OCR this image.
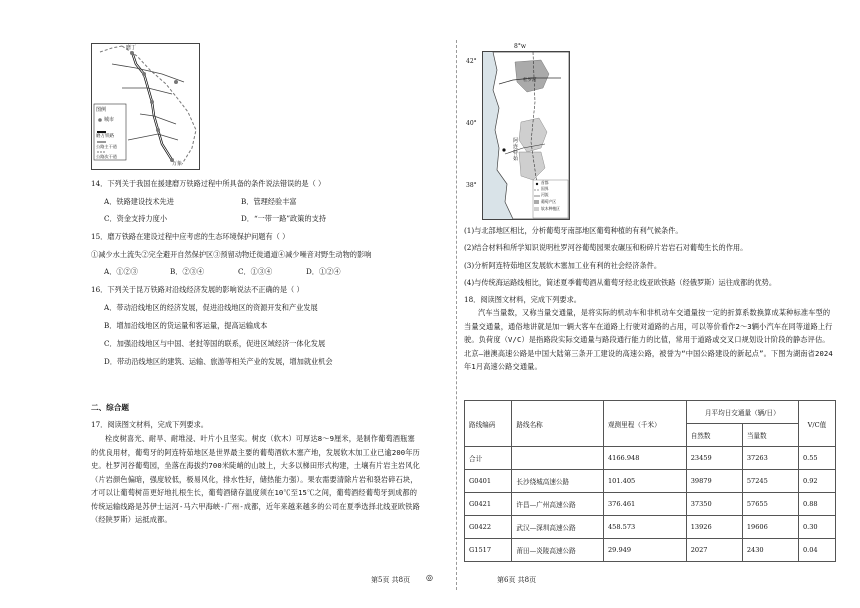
图例
城市
磨万铁路
公路主干道
公路次干道
磨丁
万象
14．下列关于我国在援建磨万铁路过程中所具备的条件说法错误的是（ ）
A．铁路建设技术先进	B．管理经验丰富
C．资金支持力度小	D．“一带一路”政策的支持
15．磨万铁路在建设过程中应考虑的生态环境保护问题有（ ）
①减少水土流失②完全避开自然保护区③预留动物迁徙通道④减少噪音对野生动物的影响
A．①②③	B．②③④	C．①③④	D．①②④
16．下列关于昆万铁路对沿线经济发展的影响说法不正确的是（ ）
A．带动沿线地区的经济发展，促进沿线地区的资源开发和产业发展
B．增加沿线地区的货运量和客运量，提高运输成本
C．加强沿线地区与中国、老挝等国的联系，促进区域经济一体化发展
D．带动沿线地区的建筑、运输、旅游等相关产业的发展，增加就业机会
二、综合题
17．阅读图文材料，完成下列要求。
栓皮树喜光、耐旱、耐堆浸、叶片小且坚实。树皮（软木）可厚达8～9厘米，是制作葡萄酒瓶塞的优良用材，葡萄牙的阿连特茹地区是世界最主要的葡萄酒软木塞产地，发展软木加工业已逾200年历史。杜罗河谷葡萄园，坐落在海拔约700米陡峭的山坡上，大多以梯田形式构建，土壤有片岩主岩风化（片岩颜色偏暗，强度较低，极易风化，排水性好，储热能力强）。果农需要清除片岩和裂岩碎石块，才可以让葡萄树苗更好地扎根生长，葡萄酒储存温度须在10℃至15℃之间，葡萄酒经葡萄牙到成都的传统运输线路是苏伊士运河-马六甲海峡-广州-成都，近年来越来越多的公司在夏季选择北线亚欧铁路（经陕罗斯）运抵成都。
第5页 共8页 ◎
杜罗河
阿连特茹
首都
国界
河流
葡萄产区
软木种植区
8°w
42°
40°
38°
(1)与北部地区相比，分析葡萄牙南部地区葡萄种植的有利气候条件。
(2)结合材料和所学知识说明杜罗河谷葡萄园果农碾压和粉碎片岩岩石对葡萄生长的作用。
(3)分析阿连特茹地区发展软木塞加工业有利的社会经济条件。
(4)与传统海运路线相比，简述夏季葡萄酒从葡萄牙经北线亚欧铁路（经俄罗斯）运往成都的优势。
18．阅读图文材料，完成下列要求。
汽车当量数，又称当量交通量，是将实际的机动车和非机动车交通量按一定的折算系数换算成某种标准车型的当量交通量，通俗地讲就是加一辆大客车在道路上行驶对道路的占用，可以等价看作2～3辆小汽车在同等道路上行驶。负荷度（V/C）是指路段实际交通量与路段通行能力的比值，常用于道路或交叉口规划设计阶段的静态评估。北京—港澳高速公路是中国大陆第三条开工建设的高速公路，被誉为“中国公路建设的新起点”。下图为湖南省2024年1月高速公路交通量。
路线编码	路线名称	观测里程（千米）	月平均日交通量（辆/日）		V/C值
			自然数	当量数	
合计		4166.948	23459	37263	0.55
G0401	长沙绕城高速公路	101.405	39879	57245	0.92
G0421	许昌—广州高速公路	376.461	37350	57655	0.88
G0422	武汉—深圳高速公路	458.573	13926	19606	0.30
G1517	莆田—炎陵高速公路	29.949	2027	2430	0.04
第6页 共8页
